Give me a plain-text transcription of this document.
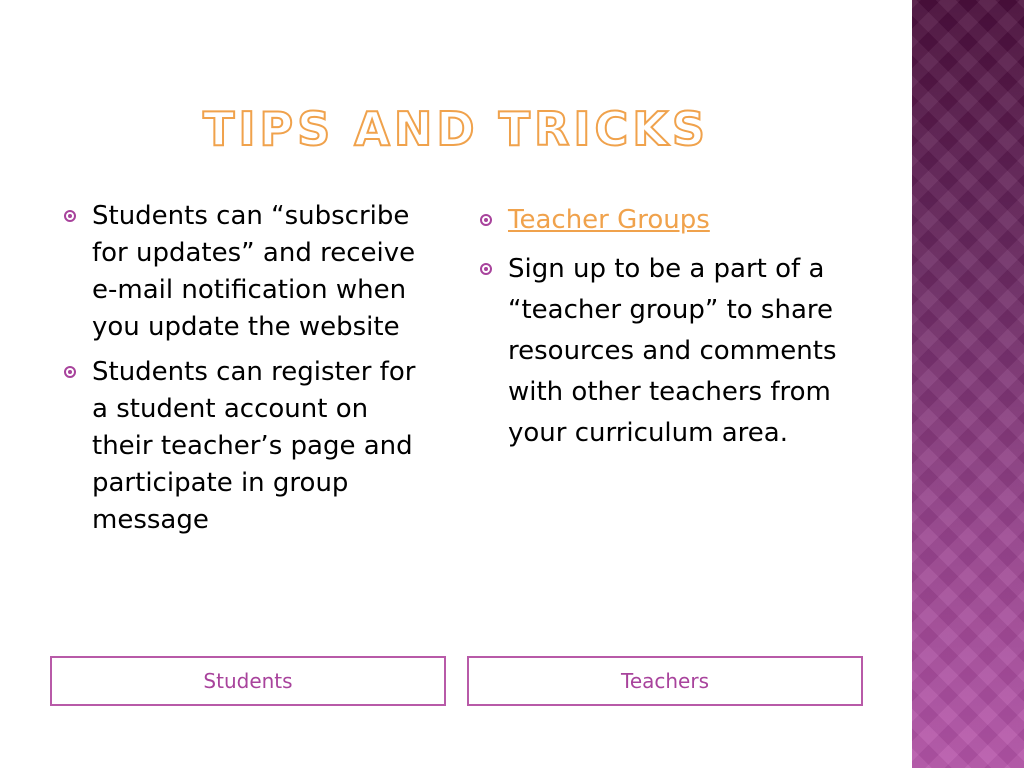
TIPS AND TRICKS
Students can “subscribe for updates” and receive e-mail notification when you update the website
Students can register for a student account on their teacher’s page and participate in group message
Teacher Groups
Sign up to be a part of a “teacher group” to share resources and comments with other teachers from your curriculum area.
Students	Teachers
